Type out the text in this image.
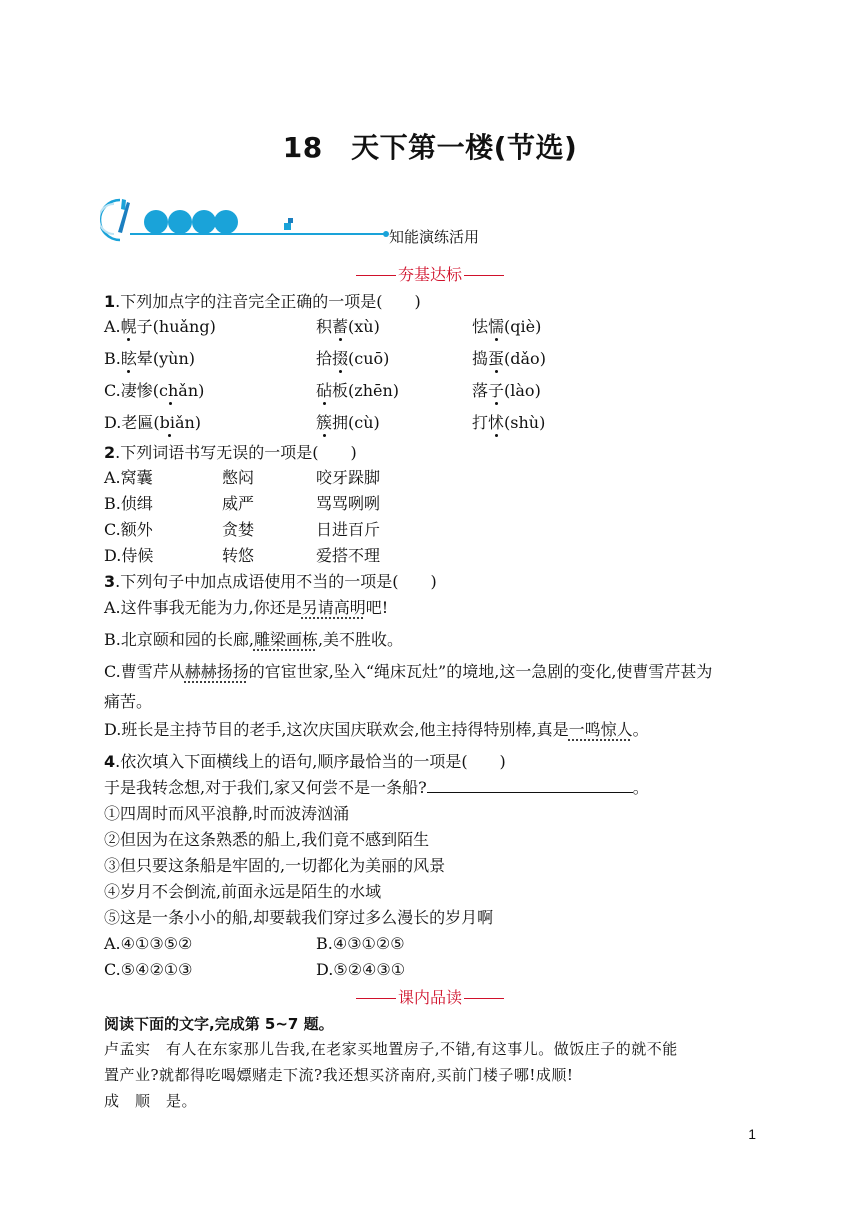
18　天下第一楼(节选)
知能演练活用
夯基达标
1.下列加点字的注音完全正确的一项是(　　)
A.幌子(huǎng)	积蓄(xù)	怯懦(qiè)
B.眩晕(yùn)	拾掇(cuō)	捣蛋(dǎo)
C.凄惨(chǎn)	砧板(zhēn)	落子(lào)
D.老匾(biǎn)	簇拥(cù)	打怵(shù)
2.下列词语书写无误的一项是(　　)
A.窝囊	憋闷	咬牙跺脚
B.侦缉	威严	骂骂咧咧
C.额外	贪婪	日进百斤
D.侍候	转悠	爱搭不理
3.下列句子中加点成语使用不当的一项是(　　)
A.这件事我无能为力,你还是另请高明吧!
B.北京颐和园的长廊,雕梁画栋,美不胜收。
C.曹雪芹从赫赫扬扬的官宦世家,坠入“绳床瓦灶”的境地,这一急剧的变化,使曹雪芹甚为
痛苦。
D.班长是主持节目的老手,这次庆国庆联欢会,他主持得特别棒,真是一鸣惊人。
4.依次填入下面横线上的语句,顺序最恰当的一项是(　　)
于是我转念想,对于我们,家又何尝不是一条船?	。
①四周时而风平浪静,时而波涛汹涌
②但因为在这条熟悉的船上,我们竟不感到陌生
③但只要这条船是牢固的,一切都化为美丽的风景
④岁月不会倒流,前面永远是陌生的水域
⑤这是一条小小的船,却要载我们穿过多么漫长的岁月啊
A.④①③⑤②	B.④③①②⑤
C.⑤④②①③	D.⑤②④③①
课内品读
阅读下面的文字,完成第 5~7 题。
卢孟实　有人在东家那儿告我,在老家买地置房子,不错,有这事儿。做饭庄子的就不能
置产业?就都得吃喝嫖赌走下流?我还想买济南府,买前门楼子哪!成顺!
成　顺　是。
1
